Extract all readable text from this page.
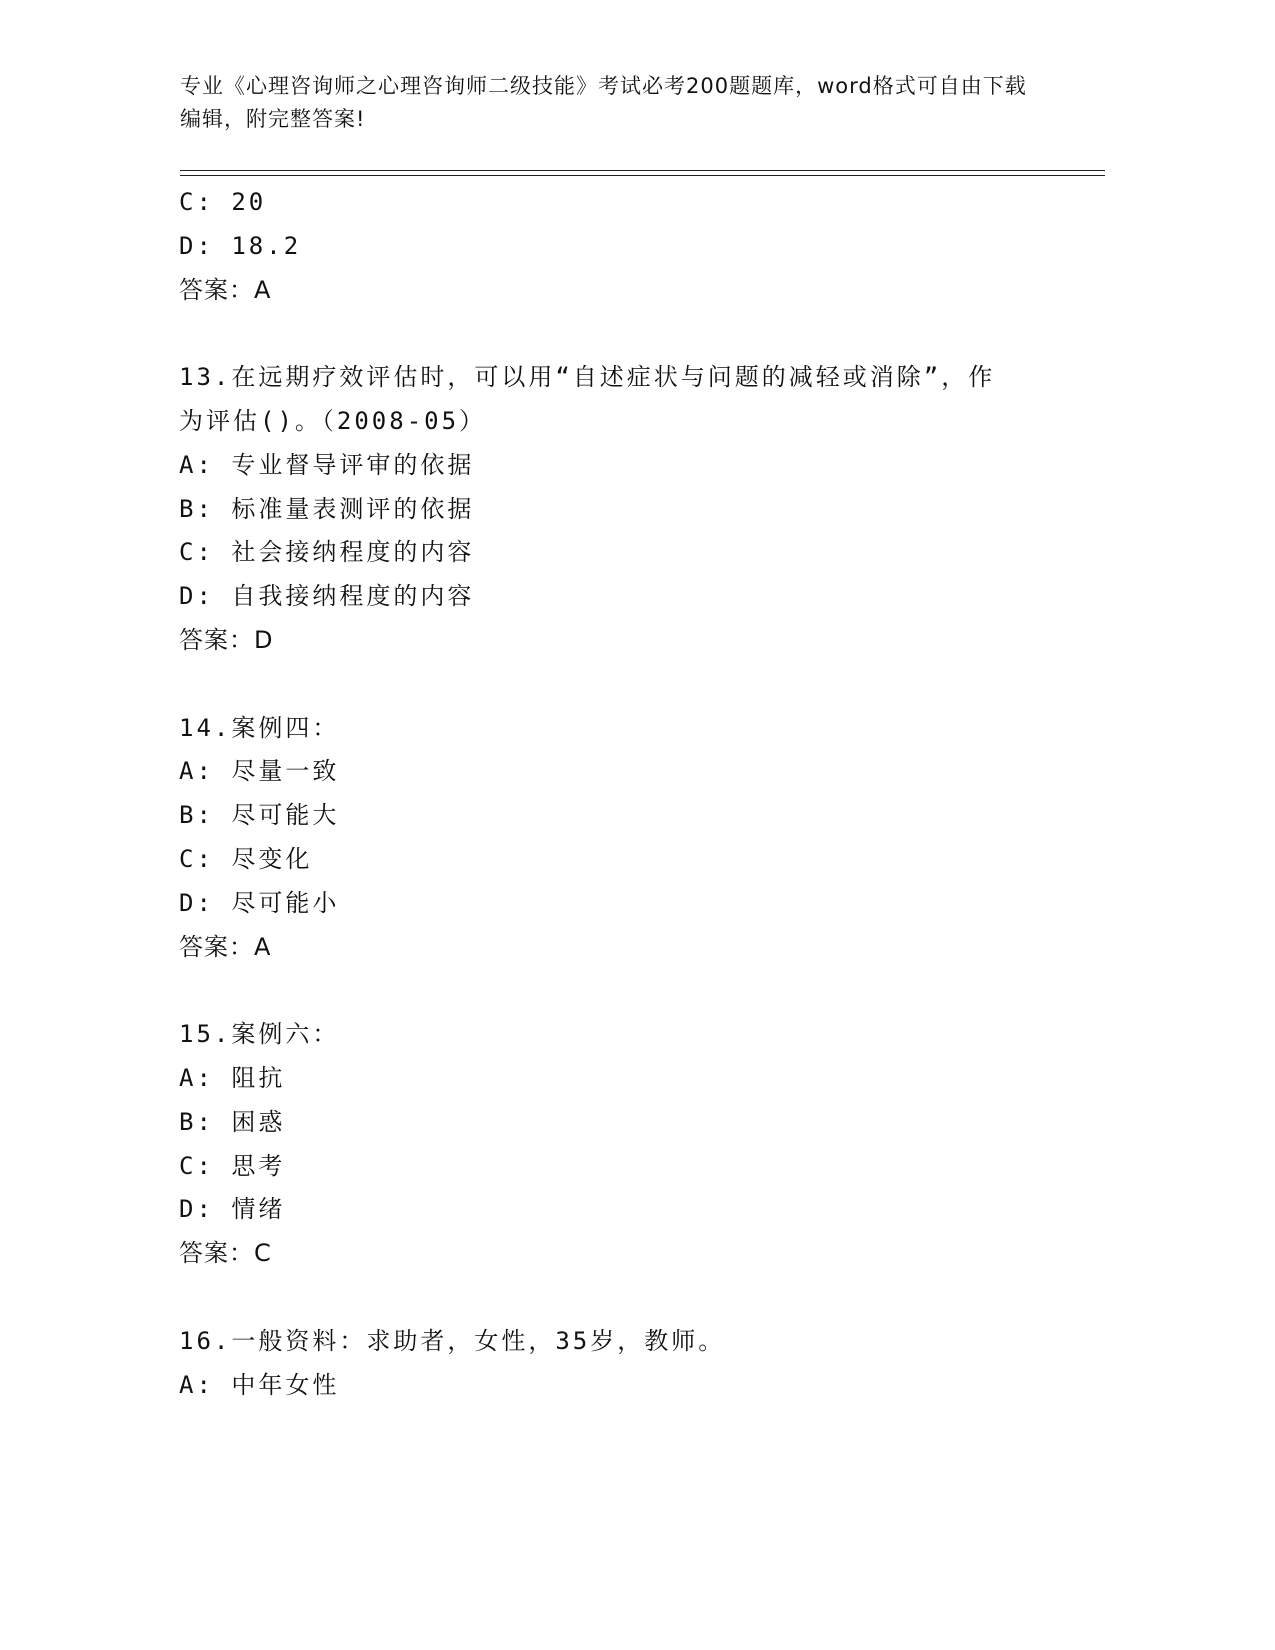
专业《心理咨询师之心理咨询师二级技能》考试必考200题题库，word格式可自由下载编辑，附完整答案!
C: 20
D: 18.2
答案：A
13.在远期疗效评估时，可以用“自述症状与问题的减轻或消除”，作
为评估()。（2008-05）
A: 专业督导评审的依据
B: 标准量表测评的依据
C: 社会接纳程度的内容
D: 自我接纳程度的内容
答案：D
14.案例四：
A: 尽量一致
B: 尽可能大
C: 尽变化
D: 尽可能小
答案：A
15.案例六：
A: 阻抗
B: 困惑
C: 思考
D: 情绪
答案：C
16.一般资料：求助者，女性，35岁，教师。
A: 中年女性
